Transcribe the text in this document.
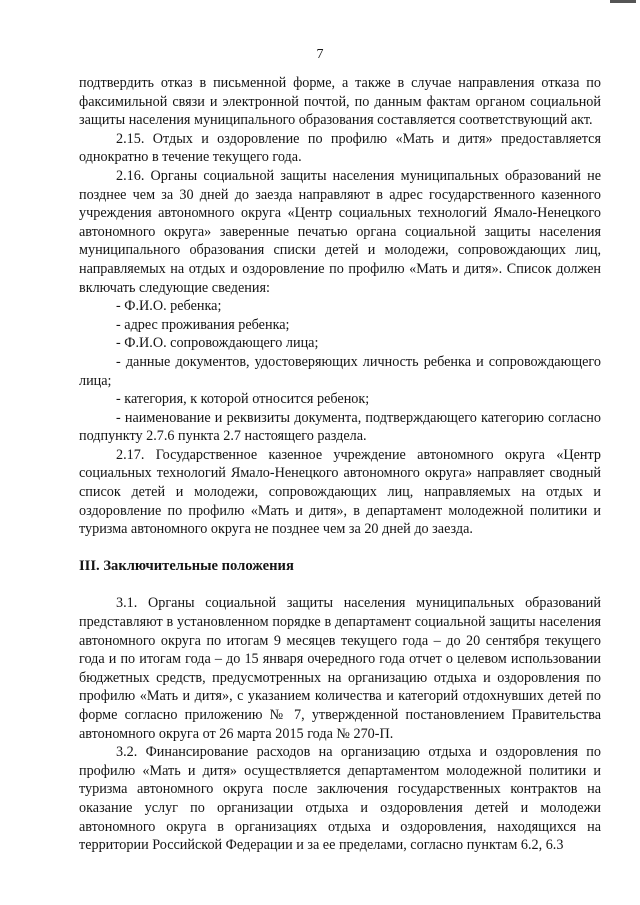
7

подтвердить отказ в письменной форме, а также в случае направления отказа по факсимильной связи и электронной почтой, по данным фактам органом социальной защиты населения муниципального образования составляется соответствующий акт.

2.15. Отдых и оздоровление по профилю «Мать и дитя» предоставляется однократно в течение текущего года.

2.16. Органы социальной защиты населения муниципальных образований не позднее чем за 30 дней до заезда направляют в адрес государственного казенного учреждения автономного округа «Центр социальных технологий Ямало-Ненецкого автономного округа» заверенные печатью органа социальной защиты населения муниципального образования списки детей и молодежи, сопровождающих лиц, направляемых на отдых и оздоровление по профилю «Мать и дитя». Список должен включать следующие сведения:

- Ф.И.О. ребенка;

- адрес проживания ребенка;

- Ф.И.О. сопровождающего лица;

- данные документов, удостоверяющих личность ребенка и сопровождающего лица;

- категория, к которой относится ребенок;

- наименование и реквизиты документа, подтверждающего категорию согласно подпункту 2.7.6 пункта 2.7 настоящего раздела.

2.17. Государственное казенное учреждение автономного округа «Центр социальных технологий Ямало-Ненецкого автономного округа» направляет сводный список детей и молодежи, сопровождающих лиц, направляемых на отдых и оздоровление по профилю «Мать и дитя», в департамент молодежной политики и туризма автономного округа не позднее чем за 20 дней до заезда.

III. Заключительные положения

3.1. Органы социальной защиты населения муниципальных образований представляют в установленном порядке в департамент социальной защиты населения автономного округа по итогам 9 месяцев текущего года – до 20 сентября текущего года и по итогам года – до 15 января очередного года отчет о целевом использовании бюджетных средств, предусмотренных на организацию отдыха и оздоровления по профилю «Мать и дитя», с указанием количества и категорий отдохнувших детей по форме согласно приложению № 7, утвержденной постановлением Правительства автономного округа от 26 марта 2015 года № 270-П.

3.2. Финансирование расходов на организацию отдыха и оздоровления по профилю «Мать и дитя» осуществляется департаментом молодежной политики и туризма автономного округа после заключения государственных контрактов на оказание услуг по организации отдыха и оздоровления детей и молодежи автономного округа в организациях отдыха и оздоровления, находящихся на территории Российской Федерации и за ее пределами, согласно пунктам 6.2, 6.3
